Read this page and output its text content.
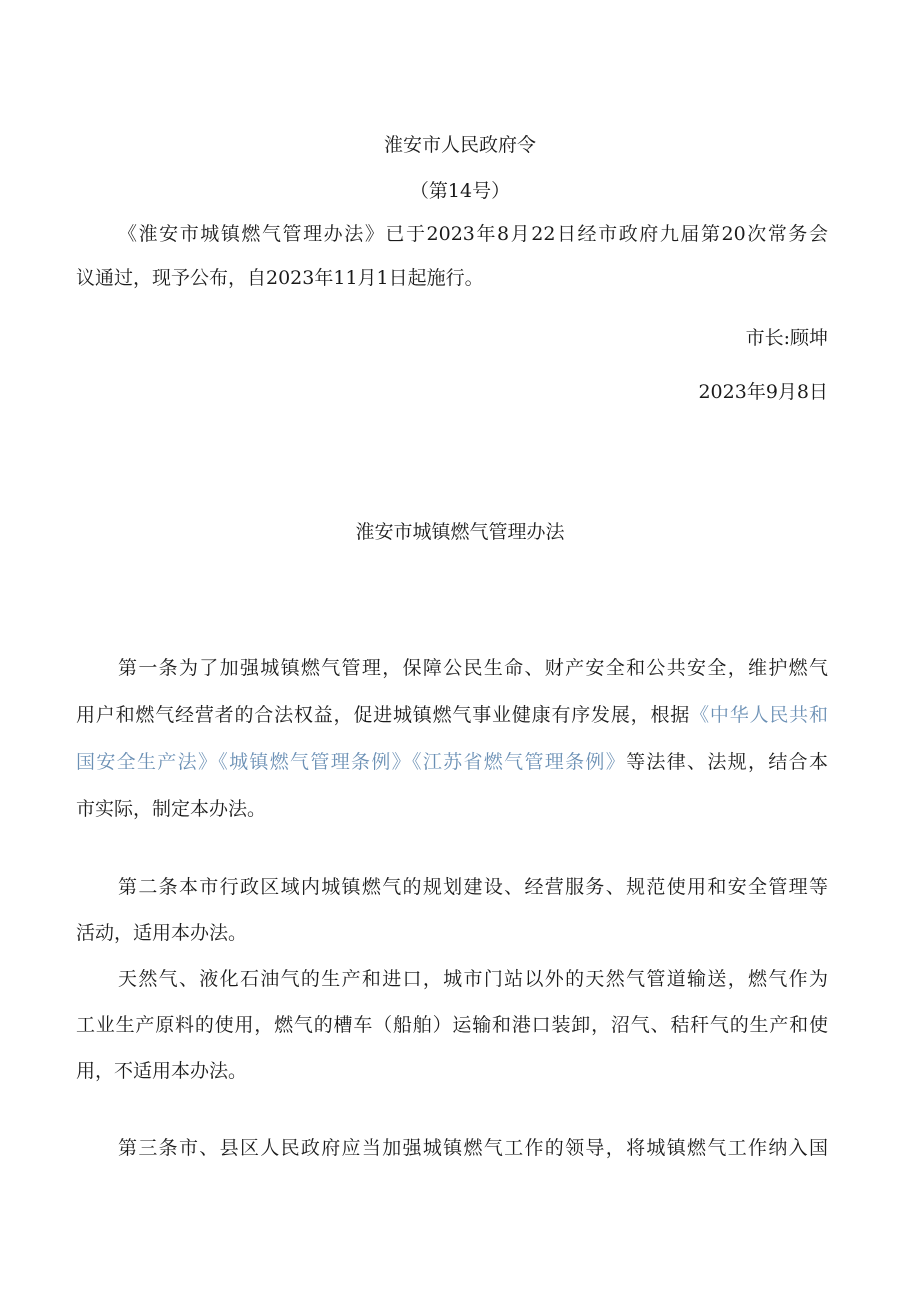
淮安市人民政府令
（第14号）
《淮安市城镇燃气管理办法》已于2023年8月22日经市政府九届第20次常务会
议通过，现予公布，自2023年11月1日起施行。
市长:顾坤
2023年9月8日
淮安市城镇燃气管理办法
第一条为了加强城镇燃气管理，保障公民生命、财产安全和公共安全，维护燃气
用户和燃气经营者的合法权益，促进城镇燃气事业健康有序发展，根据《中华人民共和
国安全生产法》《城镇燃气管理条例》《江苏省燃气管理条例》等法律、法规，结合本
市实际，制定本办法。
第二条本市行政区域内城镇燃气的规划建设、经营服务、规范使用和安全管理等
活动，适用本办法。
天然气、液化石油气的生产和进口，城市门站以外的天然气管道输送，燃气作为
工业生产原料的使用，燃气的槽车（船舶）运输和港口装卸，沼气、秸秆气的生产和使
用，不适用本办法。
第三条市、县区人民政府应当加强城镇燃气工作的领导，将城镇燃气工作纳入国
